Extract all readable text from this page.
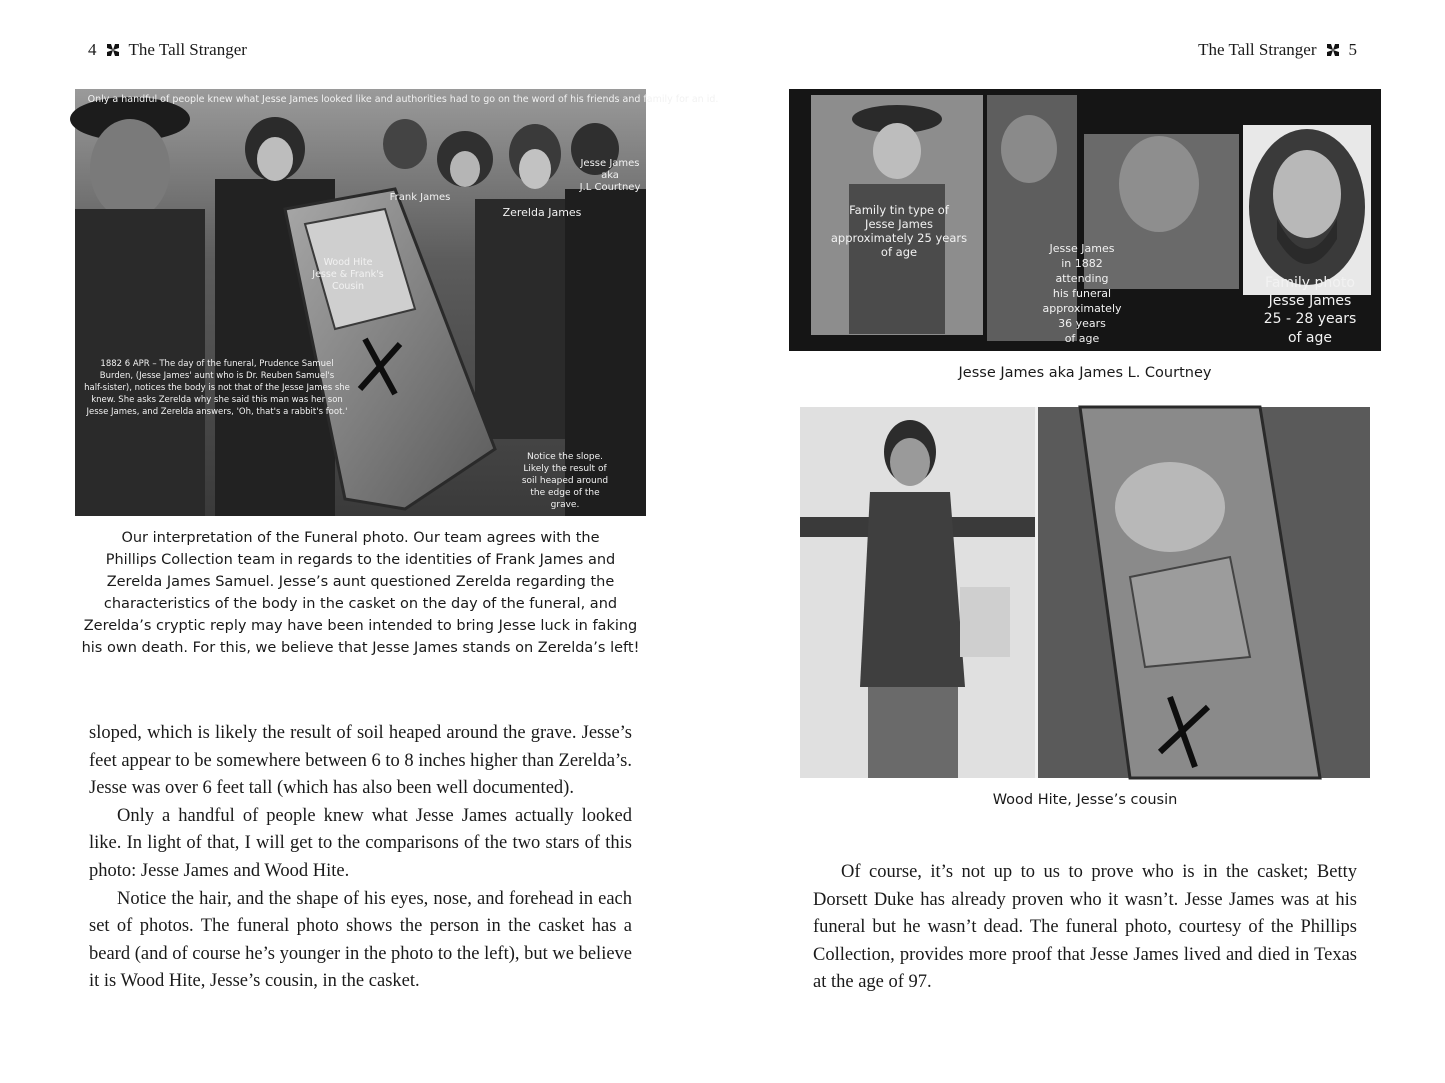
4 The Tall Stranger
Only a handful of people knew what Jesse James looked like and authorities had to go on the word of his friends and family for an id.
Frank James
Jesse James
aka
J.L Courtney
Zerelda James
Wood Hite
Jesse & Frank's
Cousin
1882 6 APR – The day of the funeral, Prudence Samuel
Burden, (Jesse James' aunt who is Dr. Reuben Samuel's
half-sister), notices the body is not that of the Jesse James she
knew. She asks Zerelda why she said this man was her son
Jesse James, and Zerelda answers, 'Oh, that's a rabbit's foot.'
Notice the slope.
Likely the result of
soil heaped around
the edge of the
grave.
Our interpretation of the Funeral photo. Our team agrees with the
Phillips Collection team in regards to the identities of Frank James and
Zerelda James Samuel. Jesse’s aunt questioned Zerelda regarding the
characteristics of the body in the casket on the day of the funeral, and
Zerelda’s cryptic reply may have been intended to bring Jesse luck in faking
his own death. For this, we believe that Jesse James stands on Zerelda’s left!

sloped, which is likely the result of soil heaped around the grave. Jesse’s feet appear to be somewhere between 6 to 8 inches higher than Zerelda’s. Jesse was over 6 feet tall (which has also been well documented).

Only a handful of people knew what Jesse James actually looked like. In light of that, I will get to the comparisons of the two stars of this photo: Jesse James and Wood Hite.

Notice the hair, and the shape of his eyes, nose, and forehead in each set of photos. The funeral photo shows the person in the casket has a beard (and of course he’s younger in the photo to the left), but we believe it is Wood Hite, Jesse’s cousin, in the casket.

The Tall Stranger 5
Family tin type of
Jesse James
approximately 25 years
of age	Jesse James
in 1882
attending
his funeral
approximately
36 years
of age
Family photo
Jesse James
25 - 28 years
of age
Jesse James aka James L. Courtney
Wood Hite, Jesse’s cousin

Of course, it’s not up to us to prove who is in the casket; Betty Dorsett Duke has already proven who it wasn’t. Jesse James was at his funeral but he wasn’t dead. The funeral photo, courtesy of the Phillips Collection, provides more proof that Jesse James lived and died in Texas at the age of 97.
